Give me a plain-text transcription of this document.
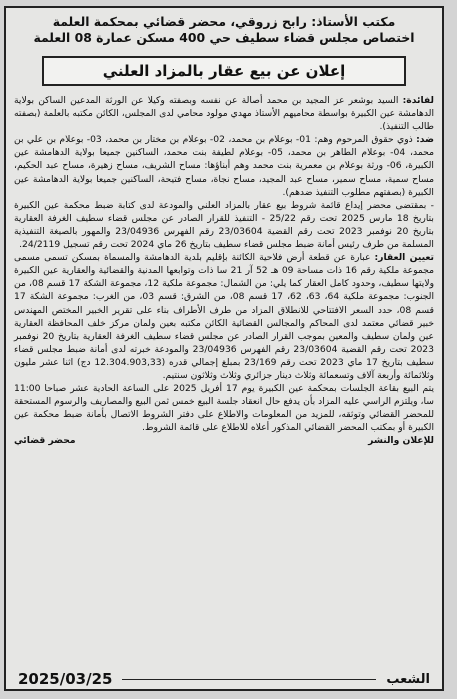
مكتب الأستاذ: رابح زروقي، محضر قضائي بمحكمة العلمة
اختصاص مجلس قضاء سطيف حي 400 مسكن عمارة 08 العلمة
إعلان عن بيع عقار بالمزاد العلني

لفائدة: السيد بوشعر عز المجيد بن محمد أصالة عن نفسه وبصفته وكيلا عن الورثة المدعين الساكن بولاية الدهامشة عين الكبيرة بواسطة محاميهم الأستاذ مهدي مولود محامي لدى المجلس، الكائن مكتبه بالعلمة (بصفته طالب التنفيذ).

ضد: ذوي حقوق المرحوم وهم: 01- بوعلام بن محمد، 02- بوعلام بن مختار بن محمد، 03- بوعلام بن علي بن محمد، 04- بوعلام الطاهر بن محمد، 05- بوعلام لطيفة بنت محمد، الساكنين جميعا بولاية الدهامشة عين الكبيرة، 06- ورثة بوعلام بن معمرية بنت محمد وهم أبناؤها: مساح الشريف، مساح زهيرة، مساح عبد الحكيم، مساح سمية، مساح سمير، مساح عبد المجيد، مساح نجاة، مساح فتيحة، الساكنين جميعا بولاية الدهامشة عين الكبيرة (بصفتهم مطلوب التنفيذ ضدهم).

- بمقتضى محضر إيداع قائمة شروط بيع عقار بالمزاد العلني والمودعة لدى كتابة ضبط محكمة عين الكبيرة بتاريخ 18 مارس 2025 تحت رقم 25/22 - التنفيذ للقرار الصادر عن مجلس قضاء سطيف الغرفة العقارية بتاريخ 20 نوفمبر 2023 تحت رقم القضية 23/03604 رقم الفهرس 23/04936 والمهور بالصيغة التنفيذية المسلمة من طرف رئيس أمانة ضبط مجلس قضاء سطيف بتاريخ 26 ماي 2024 تحت رقم تسجيل 24/2119.

تعيين العقار: عبارة عن قطعة أرض فلاحية الكائنة بإقليم بلدية الدهامشة والمسماة بمسكن تسمى مسمى مجموعة ملكية رقم 16 ذات مساحة 09 هـ 52 آر 21 سا ذات وتوابعها المدنية والقضائية والعقارية عين الكبيرة ولايتها سطيف، وحدود كامل العقار كما يلي: من الشمال: مجموعة ملكية 12، مجموعة الشكة 17 قسم 08، من الجنوب: مجموعة ملكية 64، 63، 62، 17 قسم 08، من الشرق: قسم 03، من الغرب: مجموعة الشكة 17 قسم 08، حدد السعر الافتتاحي للانطلاق المزاد من طرف الأطراف بناء على تقرير الخبير المختص المهندس خبير قضائي معتمد لدى المحاكم والمجالس القضائية الكائن مكتبه بعين ولمان مركز خلف المحافظة العقارية عين ولمان سطيف والمعين بموجب القرار الصادر عن مجلس قضاء سطيف الغرفة العقارية بتاريخ 20 نوفمبر 2023 تحت رقم القضية 23/03604 رقم الفهرس 23/04936 والمودعة خبرته لدى أمانة ضبط مجلس قضاء سطيف بتاريخ 17 ماي 2023 تحت رقم 23/169 بمبلغ إجمالي قدره (12.304.903,33 دج) اثنا عشر مليون وثلاثمائة وأربعة آلاف وتسعمائة وثلاث دينار جزائري وثلاث وثلاثون سنتيم.

يتم البيع بقاعة الجلسات بمحكمة عين الكبيرة يوم 17 أفريل 2025 على الساعة الحادية عشر صباحا 11:00 سا، ويلتزم الراسي عليه المزاد بأن يدفع حال انعقاد جلسة البيع خمس ثمن البيع والمصاريف والرسوم المستحقة للمحضر القضائي وتوثقه، للمزيد من المعلومات والاطلاع على دفتر الشروط الاتصال بأمانة ضبط محكمة عين الكبيرة أو بمكتب المحضر القضائي المذكور أعلاه للاطلاع على قائمة الشروط.

للإعلان والنشر
محضر قضائي
2025/03/25	الشعب
